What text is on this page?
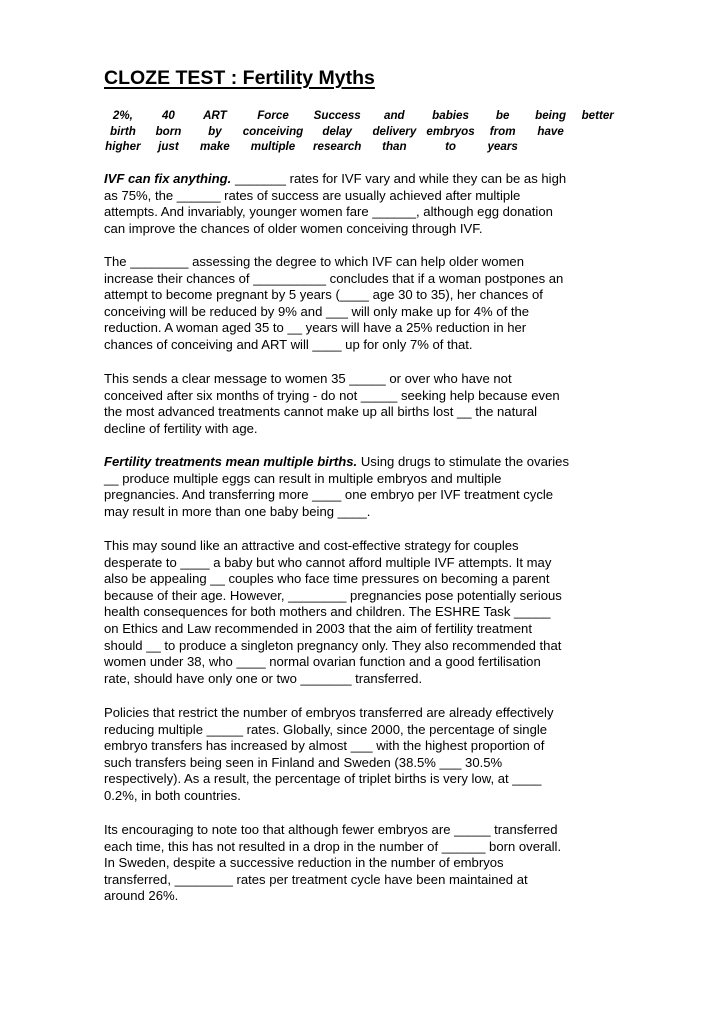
CLOZE TEST : Fertility Myths
2%,	40	ART	Force	Success	and	babies	be	being	better
birth	born	by	conceiving	delay	delivery	embryos	from	have	
higher	just	make	multiple	research	than	to	years		

IVF can fix anything. _______ rates for IVF vary and while they can be as high
as 75%, the ______ rates of success are usually achieved after multiple
attempts. And invariably, younger women fare ______, although egg donation
can improve the chances of older women conceiving through IVF.

The ________ assessing the degree to which IVF can help older women
increase their chances of __________ concludes that if a woman postpones an
attempt to become pregnant by 5 years (____ age 30 to 35), her chances of
conceiving will be reduced by 9% and ___ will only make up for 4% of the
reduction. A woman aged 35 to __ years will have a 25% reduction in her
chances of conceiving and ART will ____ up for only 7% of that.

This sends a clear message to women 35 _____ or over who have not
conceived after six months of trying - do not _____ seeking help because even
the most advanced treatments cannot make up all births lost __ the natural
decline of fertility with age.

Fertility treatments mean multiple births. Using drugs to stimulate the ovaries
__ produce multiple eggs can result in multiple embryos and multiple
pregnancies. And transferring more ____ one embryo per IVF treatment cycle
may result in more than one baby being ____.

This may sound like an attractive and cost-effective strategy for couples
desperate to ____ a baby but who cannot afford multiple IVF attempts. It may
also be appealing __ couples who face time pressures on becoming a parent
because of their age. However, ________ pregnancies pose potentially serious
health consequences for both mothers and children. The ESHRE Task _____
on Ethics and Law recommended in 2003 that the aim of fertility treatment
should __ to produce a singleton pregnancy only. They also recommended that
women under 38, who ____ normal ovarian function and a good fertilisation
rate, should have only one or two _______ transferred.

Policies that restrict the number of embryos transferred are already effectively
reducing multiple _____ rates. Globally, since 2000, the percentage of single
embryo transfers has increased by almost ___ with the highest proportion of
such transfers being seen in Finland and Sweden (38.5% ___ 30.5%
respectively). As a result, the percentage of triplet births is very low, at ____
0.2%, in both countries.

Its encouraging to note too that although fewer embryos are _____ transferred
each time, this has not resulted in a drop in the number of ______ born overall.
In Sweden, despite a successive reduction in the number of embryos
transferred, ________ rates per treatment cycle have been maintained at
around 26%.
